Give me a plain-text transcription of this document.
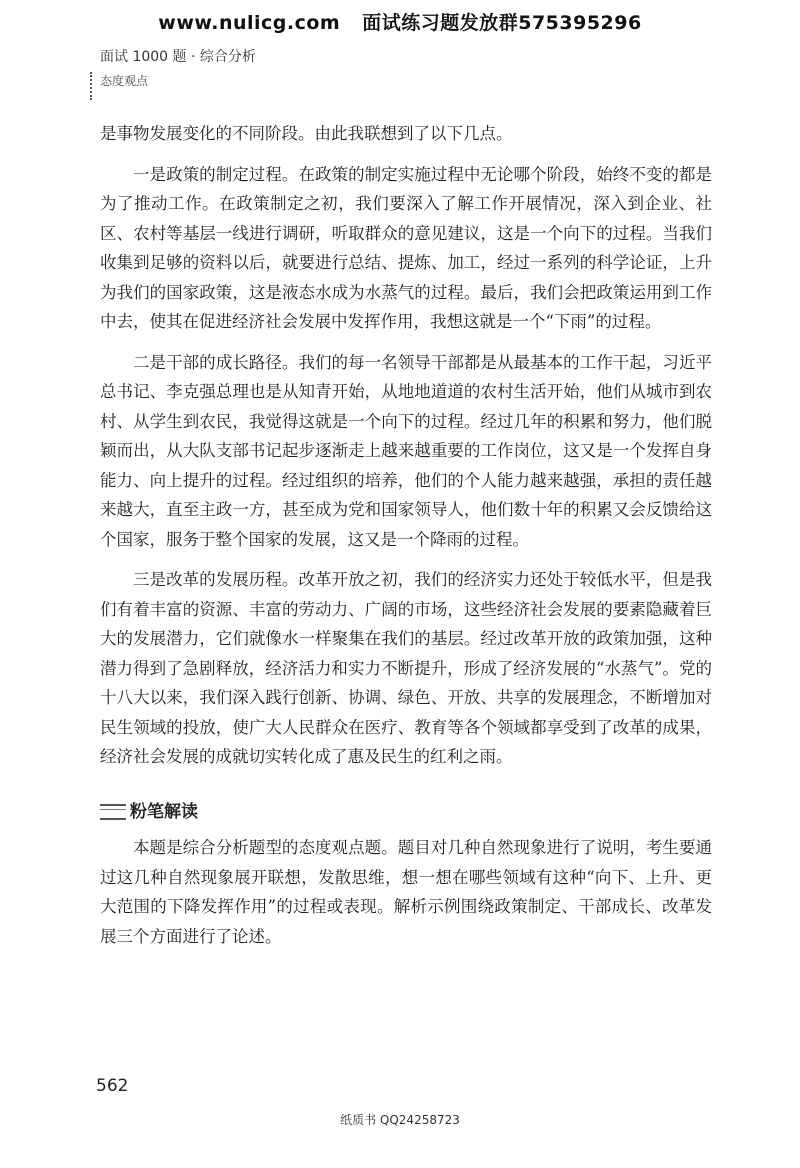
www.nulicg.com 面试练习题发放群575395296
面试 1000 题 · 综合分析
态度观点

是事物发展变化的不同阶段。由此我联想到了以下几点。

一是政策的制定过程。在政策的制定实施过程中无论哪个阶段，始终不变的都是为了推动工作。在政策制定之初，我们要深入了解工作开展情况，深入到企业、社区、农村等基层一线进行调研，听取群众的意见建议，这是一个向下的过程。当我们收集到足够的资料以后，就要进行总结、提炼、加工，经过一系列的科学论证，上升为我们的国家政策，这是液态水成为水蒸气的过程。最后，我们会把政策运用到工作中去，使其在促进经济社会发展中发挥作用，我想这就是一个“下雨”的过程。

二是干部的成长路径。我们的每一名领导干部都是从最基本的工作干起，习近平总书记、李克强总理也是从知青开始，从地地道道的农村生活开始，他们从城市到农村、从学生到农民，我觉得这就是一个向下的过程。经过几年的积累和努力，他们脱颖而出，从大队支部书记起步逐渐走上越来越重要的工作岗位，这又是一个发挥自身能力、向上提升的过程。经过组织的培养，他们的个人能力越来越强，承担的责任越来越大，直至主政一方，甚至成为党和国家领导人，他们数十年的积累又会反馈给这个国家，服务于整个国家的发展，这又是一个降雨的过程。

三是改革的发展历程。改革开放之初，我们的经济实力还处于较低水平，但是我们有着丰富的资源、丰富的劳动力、广阔的市场，这些经济社会发展的要素隐藏着巨大的发展潜力，它们就像水一样聚集在我们的基层。经过改革开放的政策加强，这种潜力得到了急剧释放，经济活力和实力不断提升，形成了经济发展的“水蒸气”。党的十八大以来，我们深入践行创新、协调、绿色、开放、共享的发展理念，不断增加对民生领域的投放，使广大人民群众在医疗、教育等各个领域都享受到了改革的成果，经济社会发展的成就切实转化成了惠及民生的红利之雨。

粉笔解读

本题是综合分析题型的态度观点题。题目对几种自然现象进行了说明，考生要通过这几种自然现象展开联想，发散思维，想一想在哪些领域有这种“向下、上升、更大范围的下降发挥作用”的过程或表现。解析示例围绕政策制定、干部成长、改革发展三个方面进行了论述。

562
纸质书 QQ24258723
